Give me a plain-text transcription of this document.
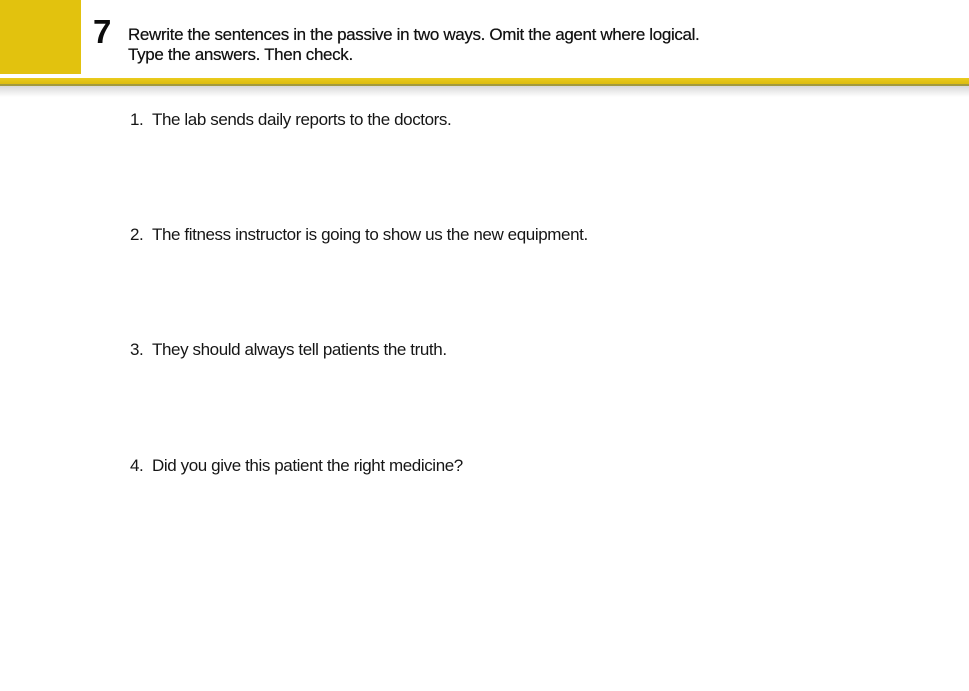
7 Rewrite the sentences in the passive in two ways. Omit the agent where logical.
Type the answers. Then check.
1. The lab sends daily reports to the doctors.
2. The fitness instructor is going to show us the new equipment.
3. They should always tell patients the truth.
4. Did you give this patient the right medicine?
